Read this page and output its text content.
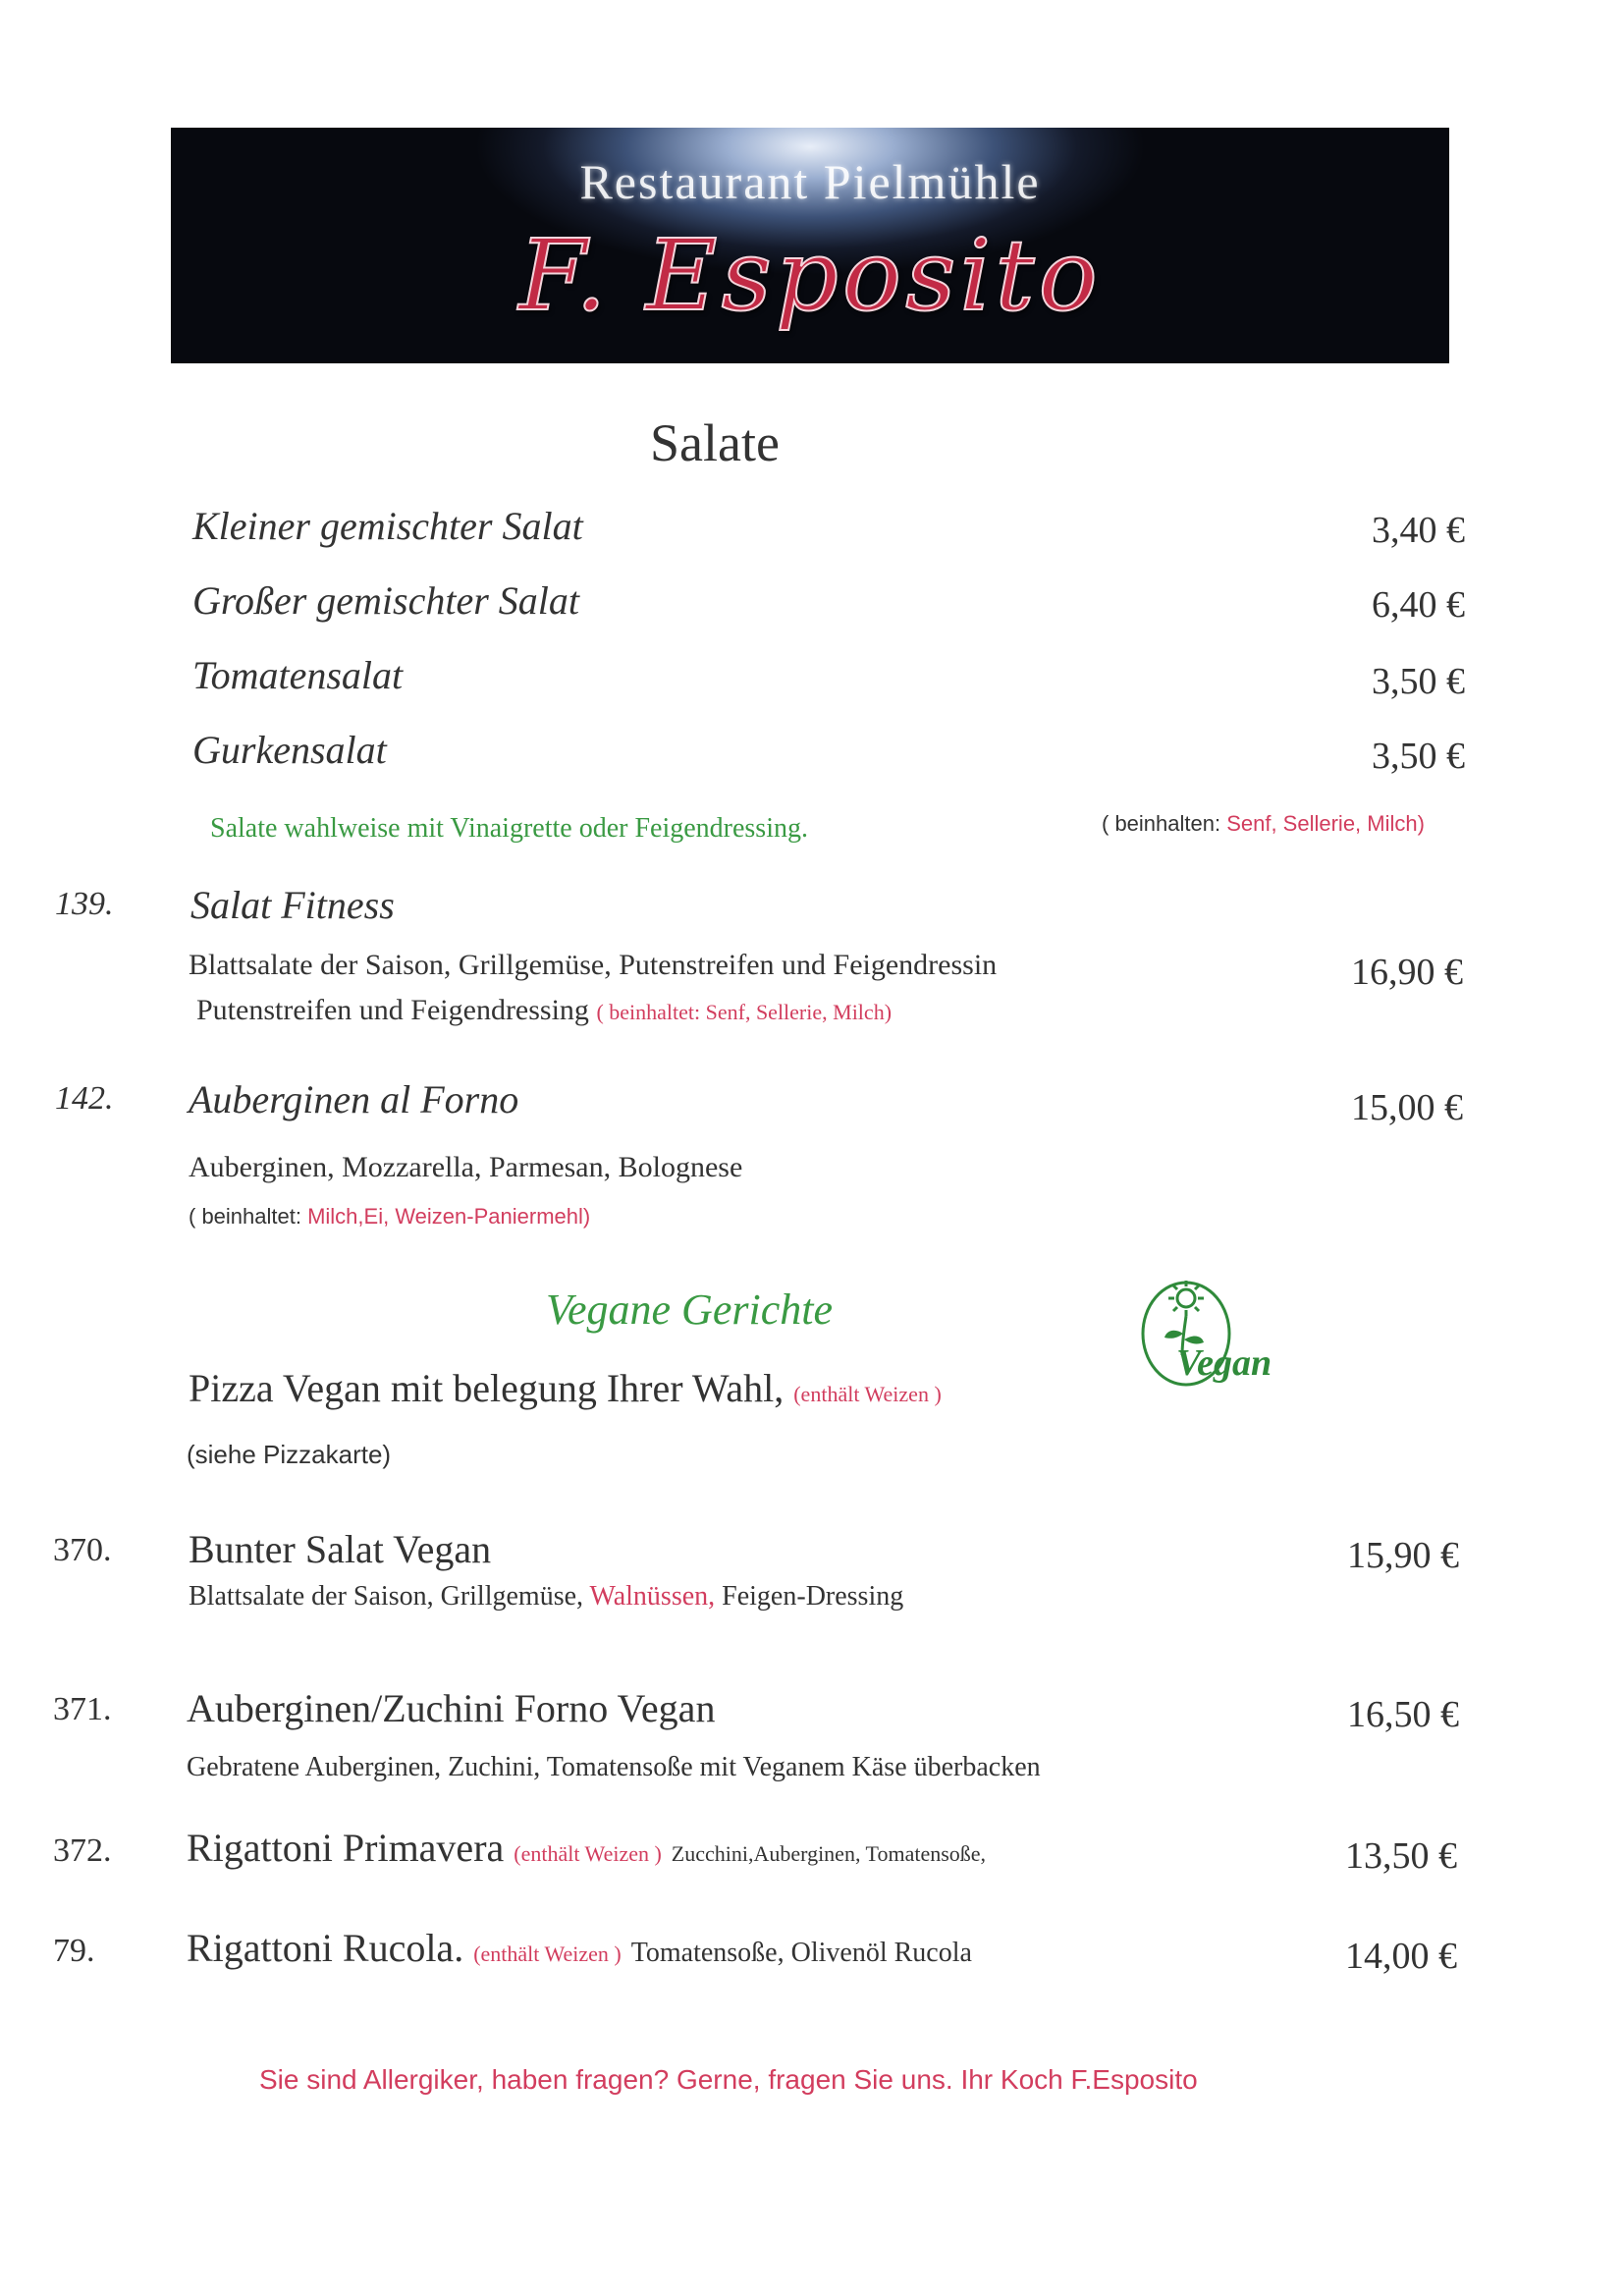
Restaurant Pielmühle
F. Esposito
Salate
Kleiner gemischter Salat	3,40 €
Großer gemischter Salat	6,40 €
Tomatensalat	3,50 €
Gurkensalat	3,50 €
Salate wahlweise mit Vinaigrette oder Feigendressing.	( beinhalten: Senf, Sellerie, Milch)
139. Salat Fitness
Blattsalate der Saison, Grillgemüse, Putenstreifen und Feigendressin	16,90 €
Putenstreifen und Feigendressing ( beinhaltet: Senf, Sellerie, Milch)
142. Auberginen al Forno	15,00 €
Auberginen, Mozzarella, Parmesan, Bolognese
( beinhaltet: Milch,Ei, Weizen-Paniermehl)
Vegane Gerichte
Vegan
Pizza Vegan mit belegung Ihrer Wahl, (enthält Weizen )
(siehe Pizzakarte)
370. Bunter Salat Vegan	15,90 €
Blattsalate der Saison, Grillgemüse, Walnüssen, Feigen-Dressing
371. Auberginen/Zuchini Forno Vegan	16,50 €
Gebratene Auberginen, Zuchini, Tomatensoße mit Veganem Käse überbacken
372. Rigattoni Primavera (enthält Weizen ) Zucchini,Auberginen, Tomatensoße,	13,50 €
79. Rigattoni Rucola. (enthält Weizen ) Tomatensoße, Olivenöl Rucola	14,00 €
Sie sind Allergiker, haben fragen? Gerne, fragen Sie uns. Ihr Koch F.Esposito
